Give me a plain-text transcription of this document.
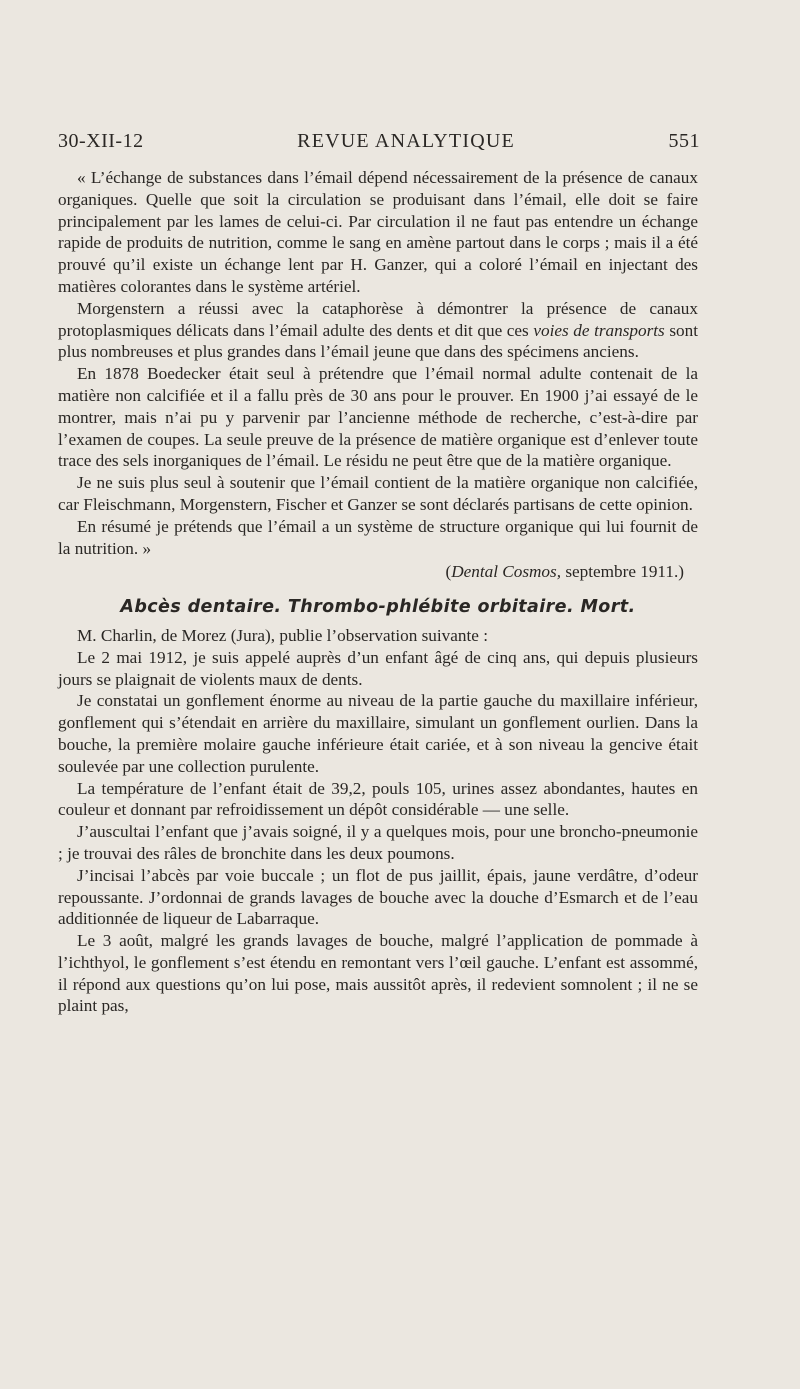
30-XII-12	REVUE ANALYTIQUE	551

« L’échange de substances dans l’émail dépend nécessairement de la présence de canaux organiques. Quelle que soit la circulation se produisant dans l’émail, elle doit se faire principalement par les lames de celui-ci. Par circulation il ne faut pas entendre un échange rapide de produits de nutrition, comme le sang en amène partout dans le corps ; mais il a été prouvé qu’il existe un échange lent par H. Ganzer, qui a coloré l’émail en injectant des matières colorantes dans le système artériel.

Morgenstern a réussi avec la cataphorèse à démontrer la présence de canaux protoplasmiques délicats dans l’émail adulte des dents et dit que ces voies de transports sont plus nombreuses et plus grandes dans l’émail jeune que dans des spécimens anciens.

En 1878 Boedecker était seul à prétendre que l’émail normal adulte contenait de la matière non calcifiée et il a fallu près de 30 ans pour le prouver. En 1900 j’ai essayé de le montrer, mais n’ai pu y parvenir par l’ancienne méthode de recherche, c’est-à-dire par l’examen de coupes. La seule preuve de la présence de matière organique est d’enlever toute trace des sels inorganiques de l’émail. Le résidu ne peut être que de la matière organique.

Je ne suis plus seul à soutenir que l’émail contient de la matière organique non calcifiée, car Fleischmann, Morgenstern, Fischer et Ganzer se sont déclarés partisans de cette opinion.

En résumé je prétends que l’émail a un système de structure organique qui lui fournit de la nutrition. »

(Dental Cosmos, septembre 1911.)

Abcès dentaire. Thrombo-phlébite orbitaire. Mort.

M. Charlin, de Morez (Jura), publie l’observation suivante :

Le 2 mai 1912, je suis appelé auprès d’un enfant âgé de cinq ans, qui depuis plusieurs jours se plaignait de violents maux de dents.

Je constatai un gonflement énorme au niveau de la partie gauche du maxillaire inférieur, gonflement qui s’étendait en arrière du maxillaire, simulant un gonflement ourlien. Dans la bouche, la première molaire gauche inférieure était cariée, et à son niveau la gencive était soulevée par une collection purulente.

La température de l’enfant était de 39,2, pouls 105, urines assez abondantes, hautes en couleur et donnant par refroidissement un dépôt considérable — une selle.

J’auscultai l’enfant que j’avais soigné, il y a quelques mois, pour une broncho-pneumonie ; je trouvai des râles de bronchite dans les deux poumons.

J’incisai l’abcès par voie buccale ; un flot de pus jaillit, épais, jaune verdâtre, d’odeur repoussante. J’ordonnai de grands lavages de bouche avec la douche d’Esmarch et de l’eau additionnée de liqueur de Labarraque.

Le 3 août, malgré les grands lavages de bouche, malgré l’application de pommade à l’ichthyol, le gonflement s’est étendu en remontant vers l’œil gauche. L’enfant est assommé, il répond aux questions qu’on lui pose, mais aussitôt après, il redevient somnolent ; il ne se plaint pas,
